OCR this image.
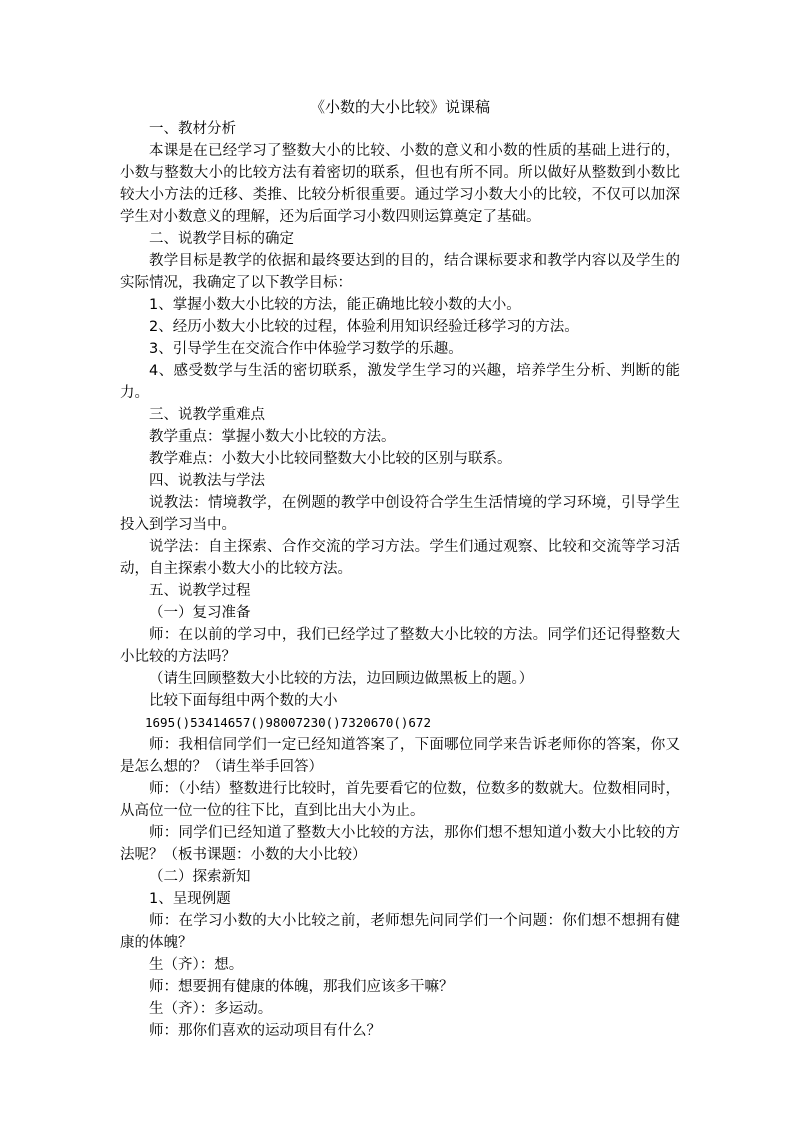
《小数的大小比较》说课稿

一、教材分析

本课是在已经学习了整数大小的比较、小数的意义和小数的性质的基础上进行的，小数与整数大小的比较方法有着密切的联系，但也有所不同。所以做好从整数到小数比较大小方法的迁移、类推、比较分析很重要。通过学习小数大小的比较，不仅可以加深学生对小数意义的理解，还为后面学习小数四则运算奠定了基础。

二、说教学目标的确定

教学目标是教学的依据和最终要达到的目的，结合课标要求和教学内容以及学生的实际情况，我确定了以下教学目标：

1、掌握小数大小比较的方法，能正确地比较小数的大小。

2、经历小数大小比较的过程，体验利用知识经验迁移学习的方法。

3、引导学生在交流合作中体验学习数学的乐趣。

4、感受数学与生活的密切联系，激发学生学习的兴趣，培养学生分析、判断的能力。

三、说教学重难点

教学重点：掌握小数大小比较的方法。

教学难点：小数大小比较同整数大小比较的区别与联系。

四、说教法与学法

说教法：情境教学，在例题的教学中创设符合学生生活情境的学习环境，引导学生投入到学习当中。

说学法：自主探索、合作交流的学习方法。学生们通过观察、比较和交流等学习活动，自主探索小数大小的比较方法。

五、说教学过程

（一）复习准备

师：在以前的学习中，我们已经学过了整数大小比较的方法。同学们还记得整数大小比较的方法吗？

（请生回顾整数大小比较的方法，边回顾边做黑板上的题。）

比较下面每组中两个数的大小

1695()53414657()98007230()7320670()672

师：我相信同学们一定已经知道答案了，下面哪位同学来告诉老师你的答案，你又是怎么想的？（请生举手回答）

师：（小结）整数进行比较时，首先要看它的位数，位数多的数就大。位数相同时，从高位一位一位的往下比，直到比出大小为止。

师：同学们已经知道了整数大小比较的方法，那你们想不想知道小数大小比较的方法呢？（板书课题：小数的大小比较）

（二）探索新知

1、呈现例题

师：在学习小数的大小比较之前，老师想先问同学们一个问题：你们想不想拥有健康的体魄？

生（齐）：想。

师：想要拥有健康的体魄，那我们应该多干嘛？

生（齐）：多运动。

师：那你们喜欢的运动项目有什么？
